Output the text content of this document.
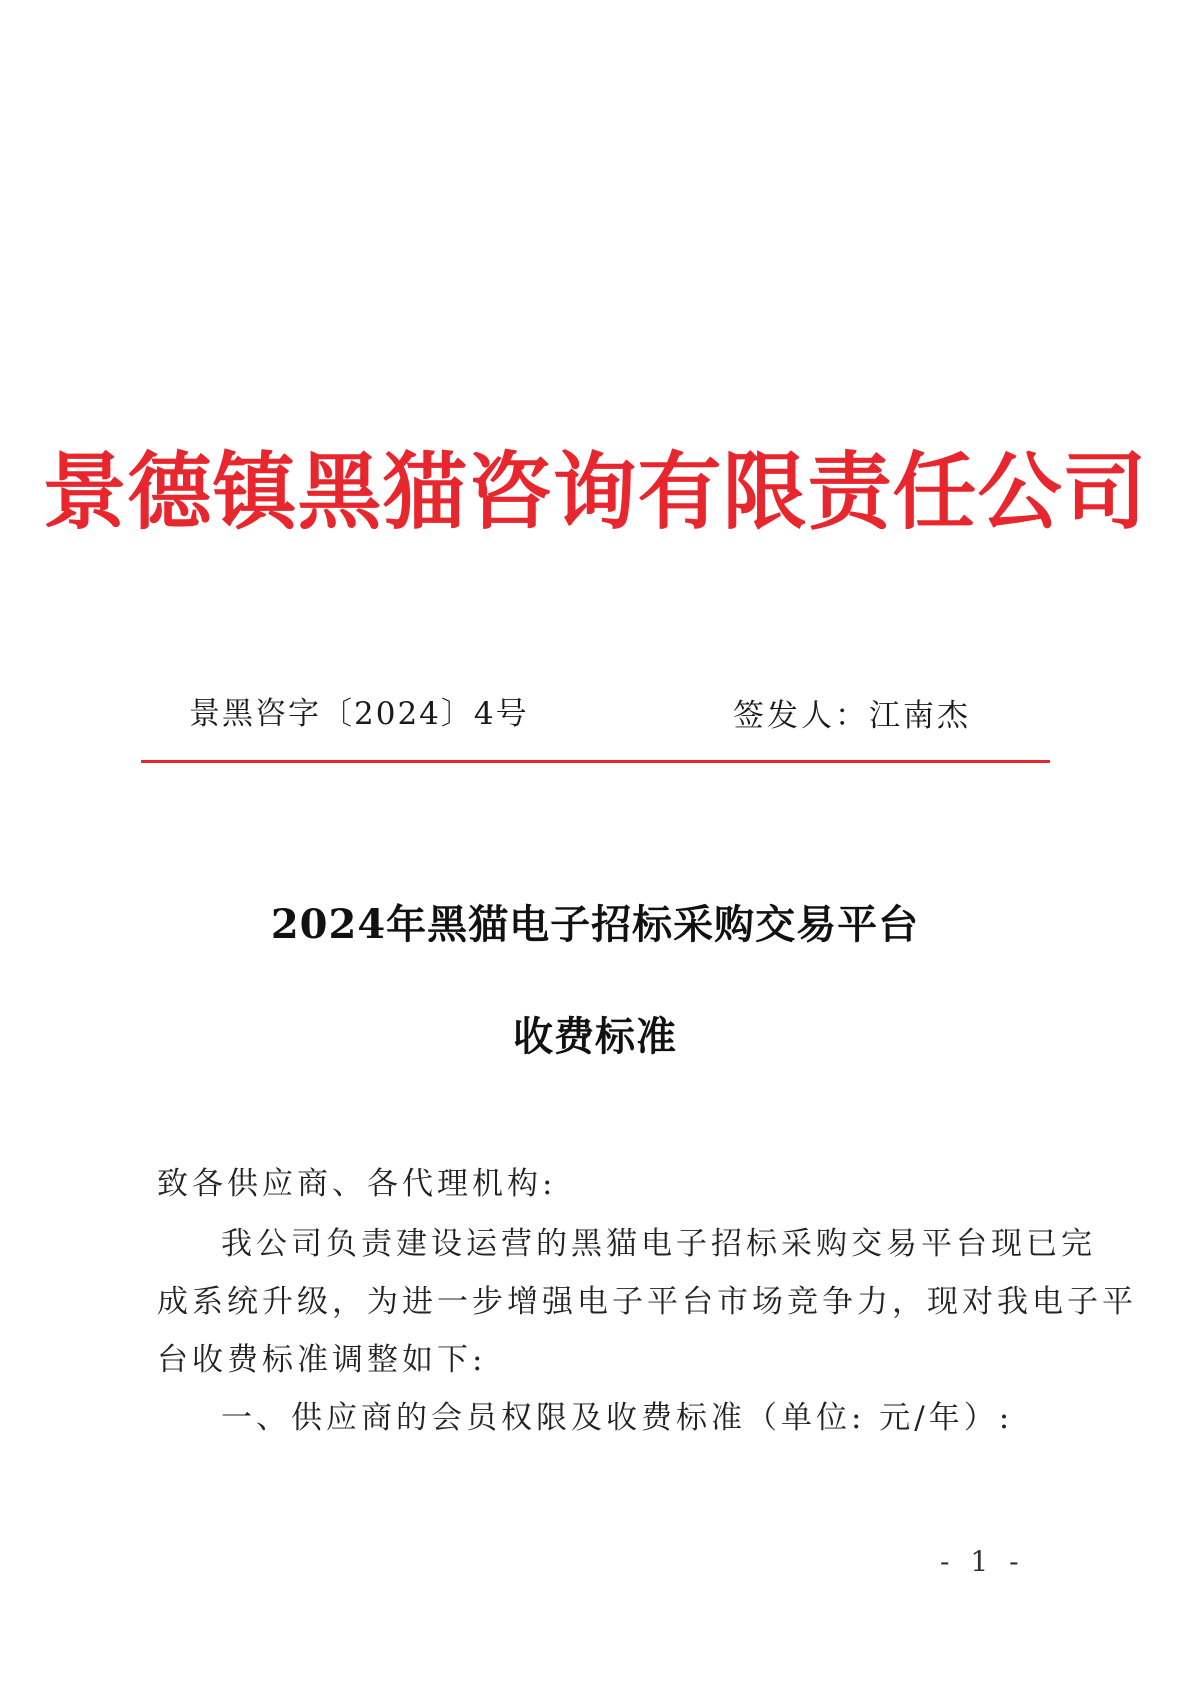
景德镇黑猫咨询有限责任公司
景黑咨字〔2024〕4号	签发人：江南杰
2024年黑猫电子招标采购交易平台
收费标准
致各供应商、各代理机构:
我公司负责建设运营的黑猫电子招标采购交易平台现已完
成系统升级，为进一步增强电子平台市场竞争力，现对我电子平
台收费标准调整如下:
一、供应商的会员权限及收费标准（单位: 元/年）:
- 1 -
